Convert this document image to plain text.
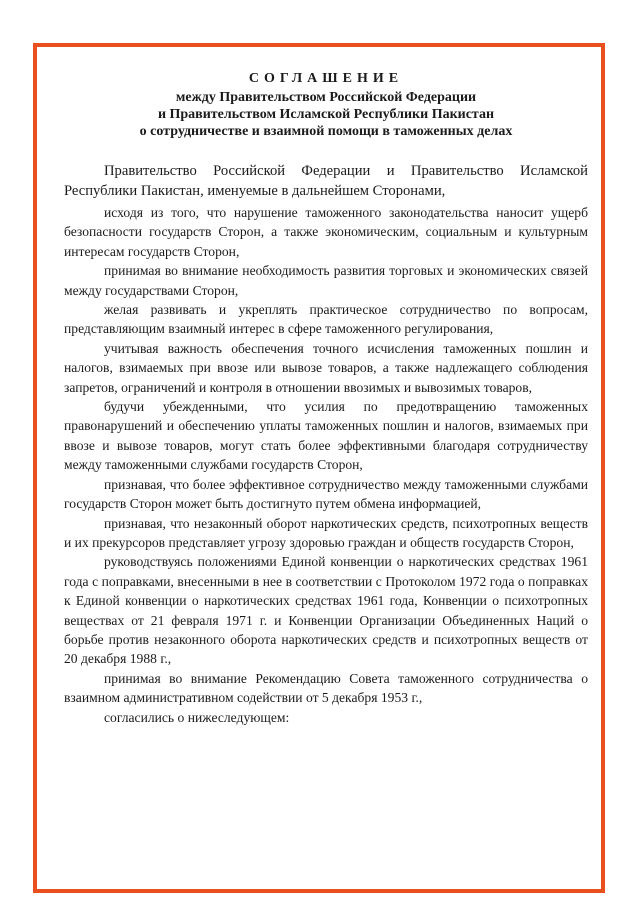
СОГЛАШЕНИЕ
между Правительством Российской Федерации
и Правительством Исламской Республики Пакистан
о сотрудничестве и взаимной помощи в таможенных делах

Правительство Российской Федерации и Правительство Исламской Республики Пакистан, именуемые в дальнейшем Сторонами,

исходя из того, что нарушение таможенного законодательства наносит ущерб безопасности государств Сторон, а также экономическим, социальным и культурным интересам государств Сторон,

принимая во внимание необходимость развития торговых и экономических связей между государствами Сторон,

желая развивать и укреплять практическое сотрудничество по вопросам, представляющим взаимный интерес в сфере таможенного регулирования,

учитывая важность обеспечения точного исчисления таможенных пошлин и налогов, взимаемых при ввозе или вывозе товаров, а также надлежащего соблюдения запретов, ограничений и контроля в отношении ввозимых и вывозимых товаров,

будучи убежденными, что усилия по предотвращению таможенных правонарушений и обеспечению уплаты таможенных пошлин и налогов, взимаемых при ввозе и вывозе товаров, могут стать более эффективными благодаря сотрудничеству между таможенными службами государств Сторон,

признавая, что более эффективное сотрудничество между таможенными службами государств Сторон может быть достигнуто путем обмена информацией,

признавая, что незаконный оборот наркотических средств, психотропных веществ и их прекурсоров представляет угрозу здоровью граждан и обществ государств Сторон,

руководствуясь положениями Единой конвенции о наркотических средствах 1961 года с поправками, внесенными в нее в соответствии с Протоколом 1972 года о поправках к Единой конвенции о наркотических средствах 1961 года, Конвенции о психотропных веществах от 21 февраля 1971 г. и Конвенции Организации Объединенных Наций о борьбе против незаконного оборота наркотических средств и психотропных веществ от 20 декабря 1988 г.,

принимая во внимание Рекомендацию Совета таможенного сотрудничества о взаимном административном содействии от 5 декабря 1953 г.,

согласились о нижеследующем:
